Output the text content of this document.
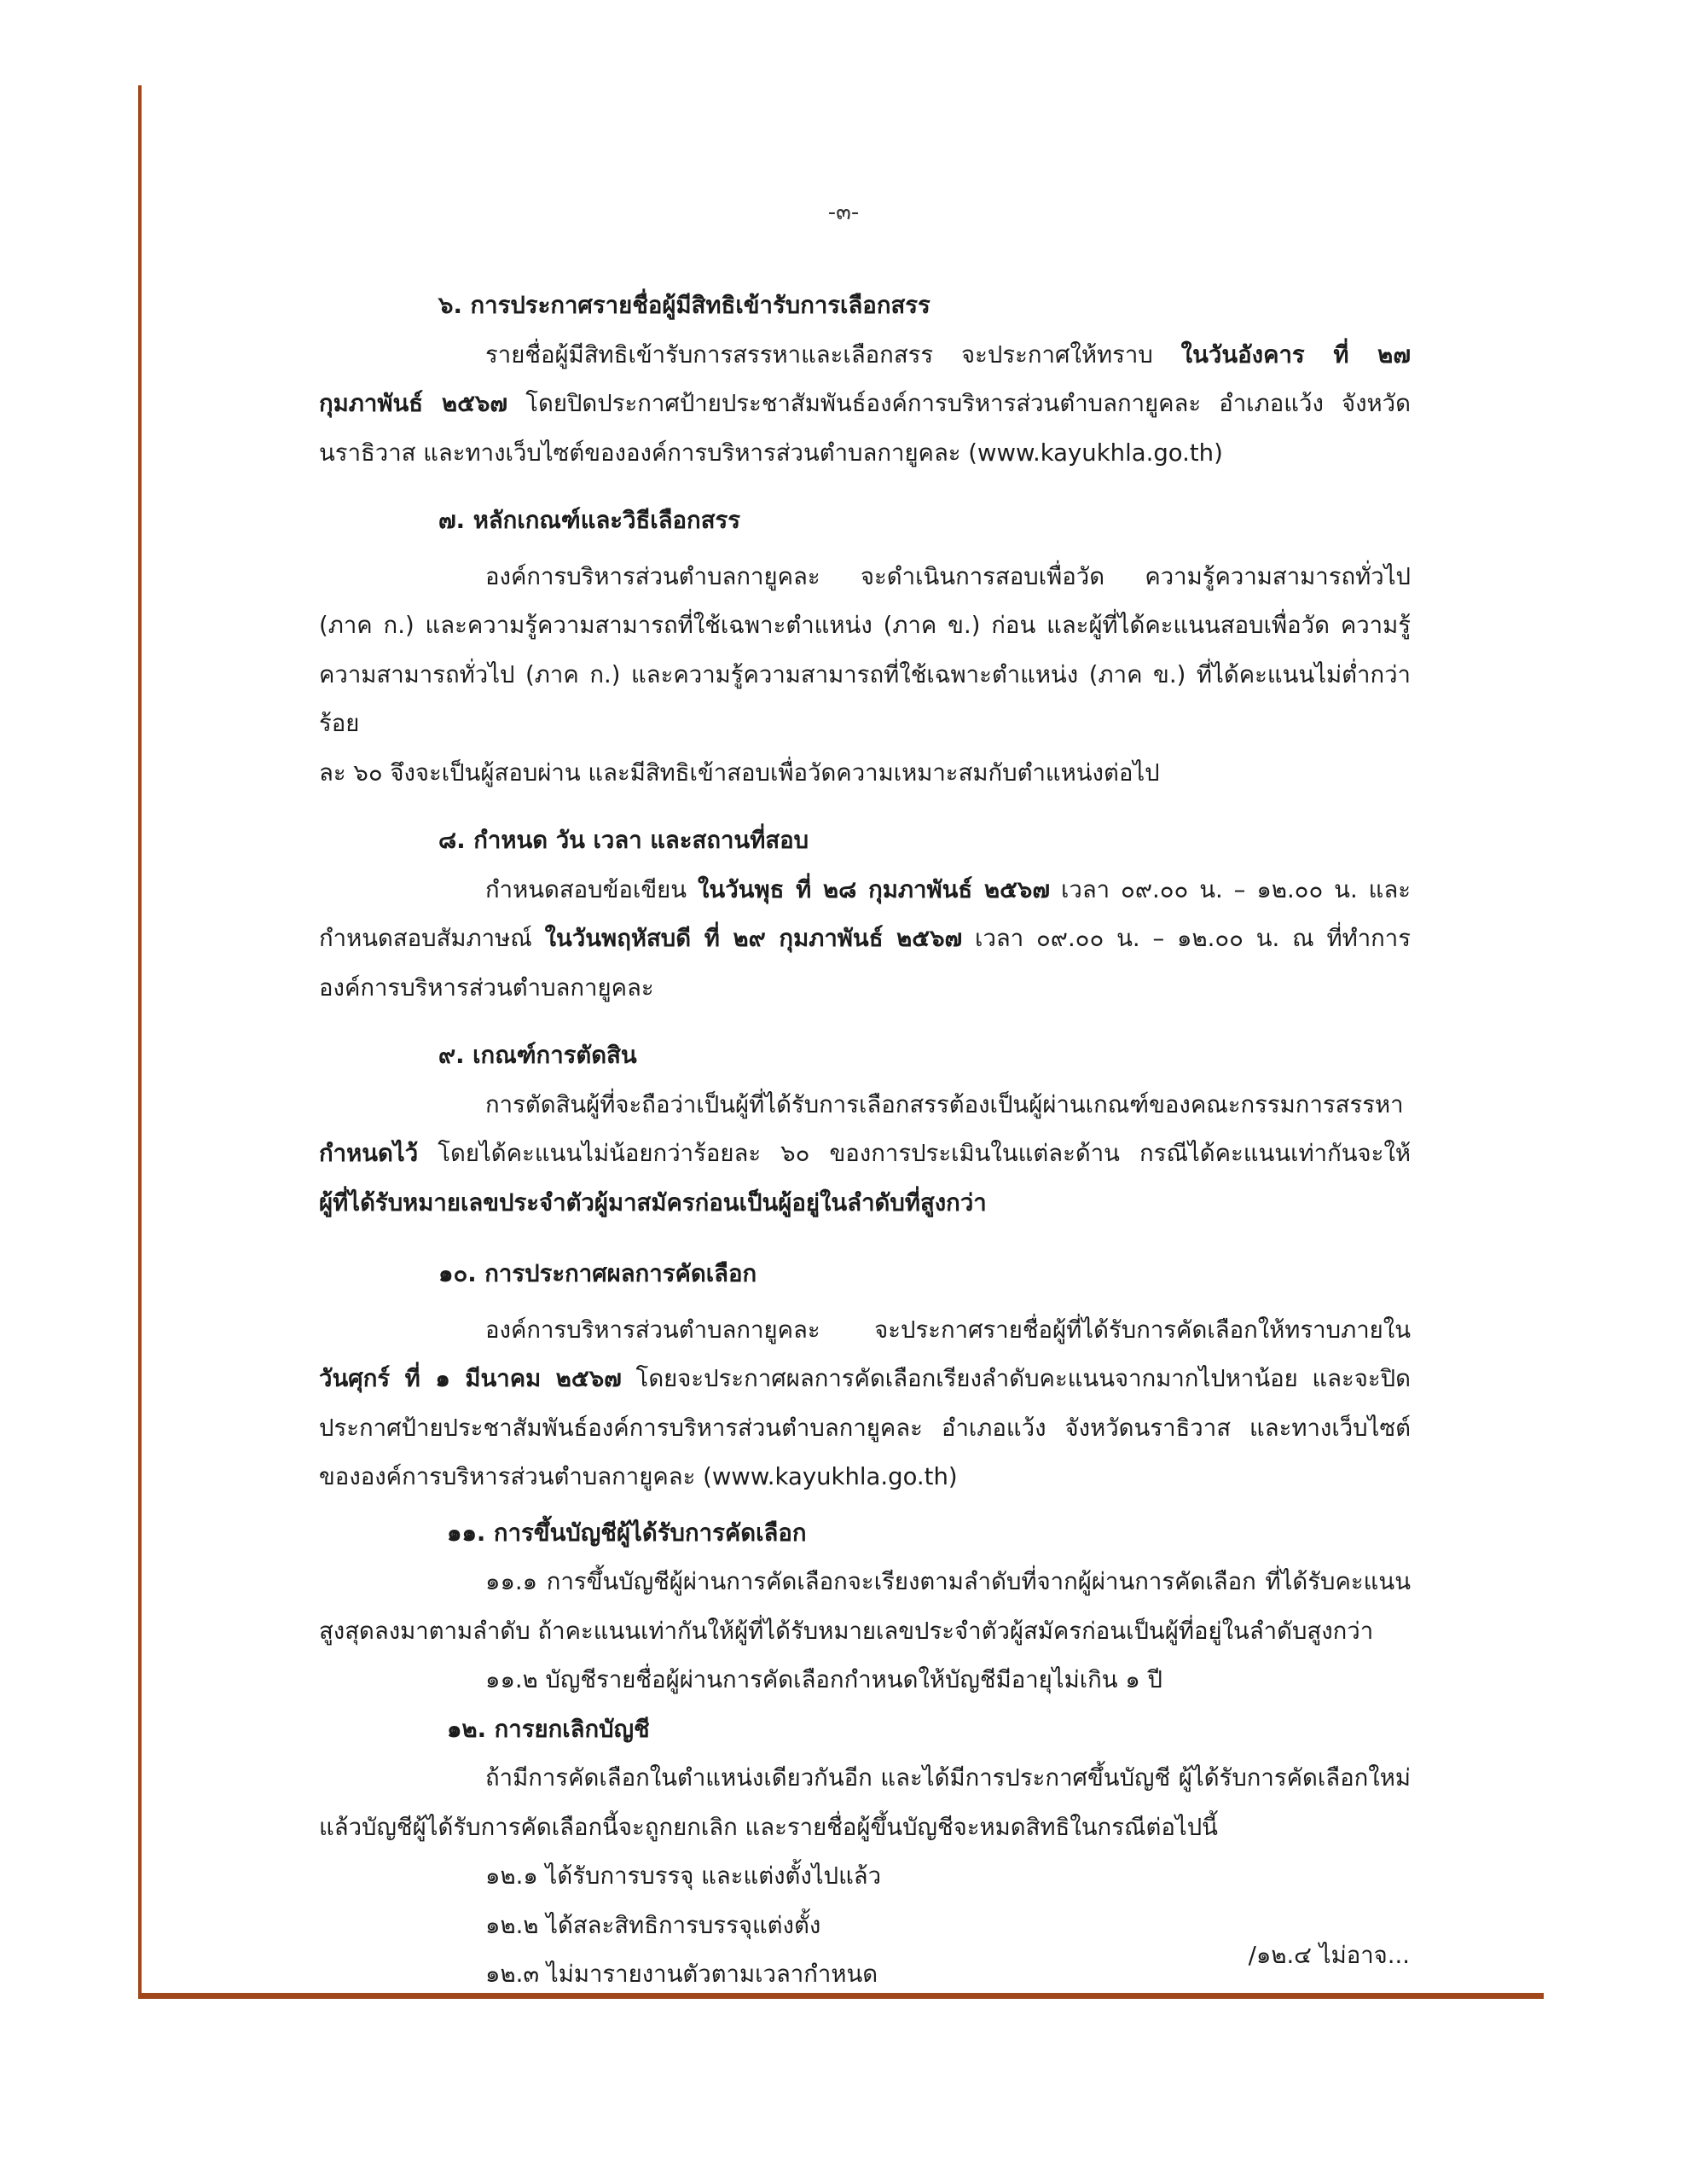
-๓-

๖. การประกาศรายชื่อผู้มีสิทธิเข้ารับการเลือกสรร

รายชื่อผู้มีสิทธิเข้ารับการสรรหาและเลือกสรร จะประกาศให้ทราบ ในวันอังคาร ที่ ๒๗

กุมภาพันธ์ ๒๕๖๗ โดยปิดประกาศป้ายประชาสัมพันธ์องค์การบริหารส่วนตำบลกายูคละ อำเภอแว้ง จังหวัด

นราธิวาส และทางเว็บไซต์ขององค์การบริหารส่วนตำบลกายูคละ (www.kayukhla.go.th)

๗. หลักเกณฑ์และวิธีเลือกสรร

องค์การบริหารส่วนตำบลกายูคละ จะดำเนินการสอบเพื่อวัด ความรู้ความสามารถทั่วไป

(ภาค ก.) และความรู้ความสามารถที่ใช้เฉพาะตำแหน่ง (ภาค ข.) ก่อน และผู้ที่ได้คะแนนสอบเพื่อวัด ความรู้

ความสามารถทั่วไป (ภาค ก.) และความรู้ความสามารถที่ใช้เฉพาะตำแหน่ง (ภาค ข.) ที่ได้คะแนนไม่ต่ำกว่าร้อย

ละ ๖๐ จึงจะเป็นผู้สอบผ่าน และมีสิทธิเข้าสอบเพื่อวัดความเหมาะสมกับตำแหน่งต่อไป

๘. กำหนด วัน เวลา และสถานที่สอบ

กำหนดสอบข้อเขียน ในวันพุธ ที่ ๒๘ กุมภาพันธ์ ๒๕๖๗ เวลา ๐๙.๐๐ น. – ๑๒.๐๐ น. และ

กำหนดสอบสัมภาษณ์ ในวันพฤหัสบดี ที่ ๒๙ กุมภาพันธ์ ๒๕๖๗ เวลา ๐๙.๐๐ น. – ๑๒.๐๐ น. ณ ที่ทำการ

องค์การบริหารส่วนตำบลกายูคละ

๙. เกณฑ์การตัดสิน

การตัดสินผู้ที่จะถือว่าเป็นผู้ที่ได้รับการเลือกสรรต้องเป็นผู้ผ่านเกณฑ์ของคณะกรรมการสรรหา

กำหนดไว้ โดยได้คะแนนไม่น้อยกว่าร้อยละ ๖๐ ของการประเมินในแต่ละด้าน กรณีได้คะแนนเท่ากันจะให้

ผู้ที่ได้รับหมายเลขประจำตัวผู้มาสมัครก่อนเป็นผู้อยู่ในลำดับที่สูงกว่า

๑๐. การประกาศผลการคัดเลือก

องค์การบริหารส่วนตำบลกายูคละ จะประกาศรายชื่อผู้ที่ได้รับการคัดเลือกให้ทราบภายใน

วันศุกร์ ที่ ๑ มีนาคม ๒๕๖๗ โดยจะประกาศผลการคัดเลือกเรียงลำดับคะแนนจากมากไปหาน้อย และจะปิด

ประกาศป้ายประชาสัมพันธ์องค์การบริหารส่วนตำบลกายูคละ อำเภอแว้ง จังหวัดนราธิวาส และทางเว็บไซต์

ขององค์การบริหารส่วนตำบลกายูคละ (www.kayukhla.go.th)

๑๑. การขึ้นบัญชีผู้ได้รับการคัดเลือก

๑๑.๑ การขึ้นบัญชีผู้ผ่านการคัดเลือกจะเรียงตามลำดับที่จากผู้ผ่านการคัดเลือก ที่ได้รับคะแนน

สูงสุดลงมาตามลำดับ ถ้าคะแนนเท่ากันให้ผู้ที่ได้รับหมายเลขประจำตัวผู้สมัครก่อนเป็นผู้ที่อยู่ในลำดับสูงกว่า

๑๑.๒ บัญชีรายชื่อผู้ผ่านการคัดเลือกกำหนดให้บัญชีมีอายุไม่เกิน ๑ ปี

๑๒. การยกเลิกบัญชี

ถ้ามีการคัดเลือกในตำแหน่งเดียวกันอีก และได้มีการประกาศขึ้นบัญชี ผู้ได้รับการคัดเลือกใหม่

แล้วบัญชีผู้ได้รับการคัดเลือกนี้จะถูกยกเลิก และรายชื่อผู้ขึ้นบัญชีจะหมดสิทธิในกรณีต่อไปนี้

๑๒.๑ ได้รับการบรรจุ และแต่งตั้งไปแล้ว

๑๒.๒ ได้สละสิทธิการบรรจุแต่งตั้ง

๑๒.๓ ไม่มารายงานตัวตามเวลากำหนด

/๑๒.๔ ไม่อาจ...
